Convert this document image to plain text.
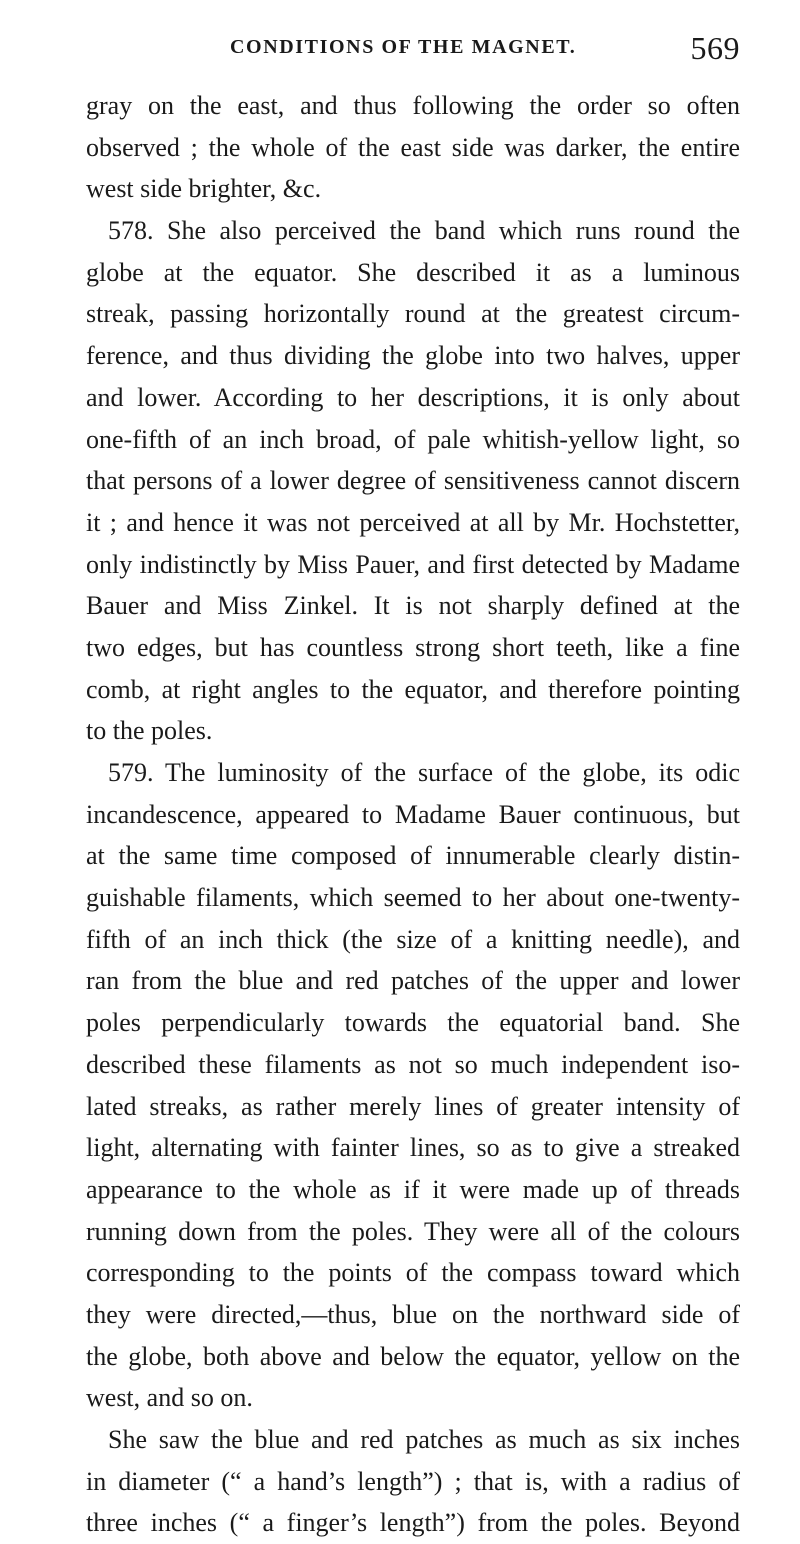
CONDITIONS OF THE MAGNET.	569
gray on the east, and thus following the order so often
observed ; the whole of the east side was darker, the entire
west side brighter, &c.
578. She also perceived the band which runs round the
globe at the equator. She described it as a luminous
streak, passing horizontally round at the greatest circum-
ference, and thus dividing the globe into two halves, upper
and lower. According to her descriptions, it is only about
one-fifth of an inch broad, of pale whitish-yellow light, so
that persons of a lower degree of sensitiveness cannot discern
it ; and hence it was not perceived at all by Mr. Hochstetter,
only indistinctly by Miss Pauer, and first detected by Madame
Bauer and Miss Zinkel. It is not sharply defined at the
two edges, but has countless strong short teeth, like a fine
comb, at right angles to the equator, and therefore pointing
to the poles.
579. The luminosity of the surface of the globe, its odic
incandescence, appeared to Madame Bauer continuous, but
at the same time composed of innumerable clearly distin-
guishable filaments, which seemed to her about one-twenty-
fifth of an inch thick (the size of a knitting needle), and
ran from the blue and red patches of the upper and lower
poles perpendicularly towards the equatorial band. She
described these filaments as not so much independent iso-
lated streaks, as rather merely lines of greater intensity of
light, alternating with fainter lines, so as to give a streaked
appearance to the whole as if it were made up of threads
running down from the poles. They were all of the colours
corresponding to the points of the compass toward which
they were directed,—thus, blue on the northward side of
the globe, both above and below the equator, yellow on the
west, and so on.
She saw the blue and red patches as much as six inches
in diameter (“ a hand’s length”) ; that is, with a radius of
three inches (“ a finger’s length”) from the poles. Beyond
